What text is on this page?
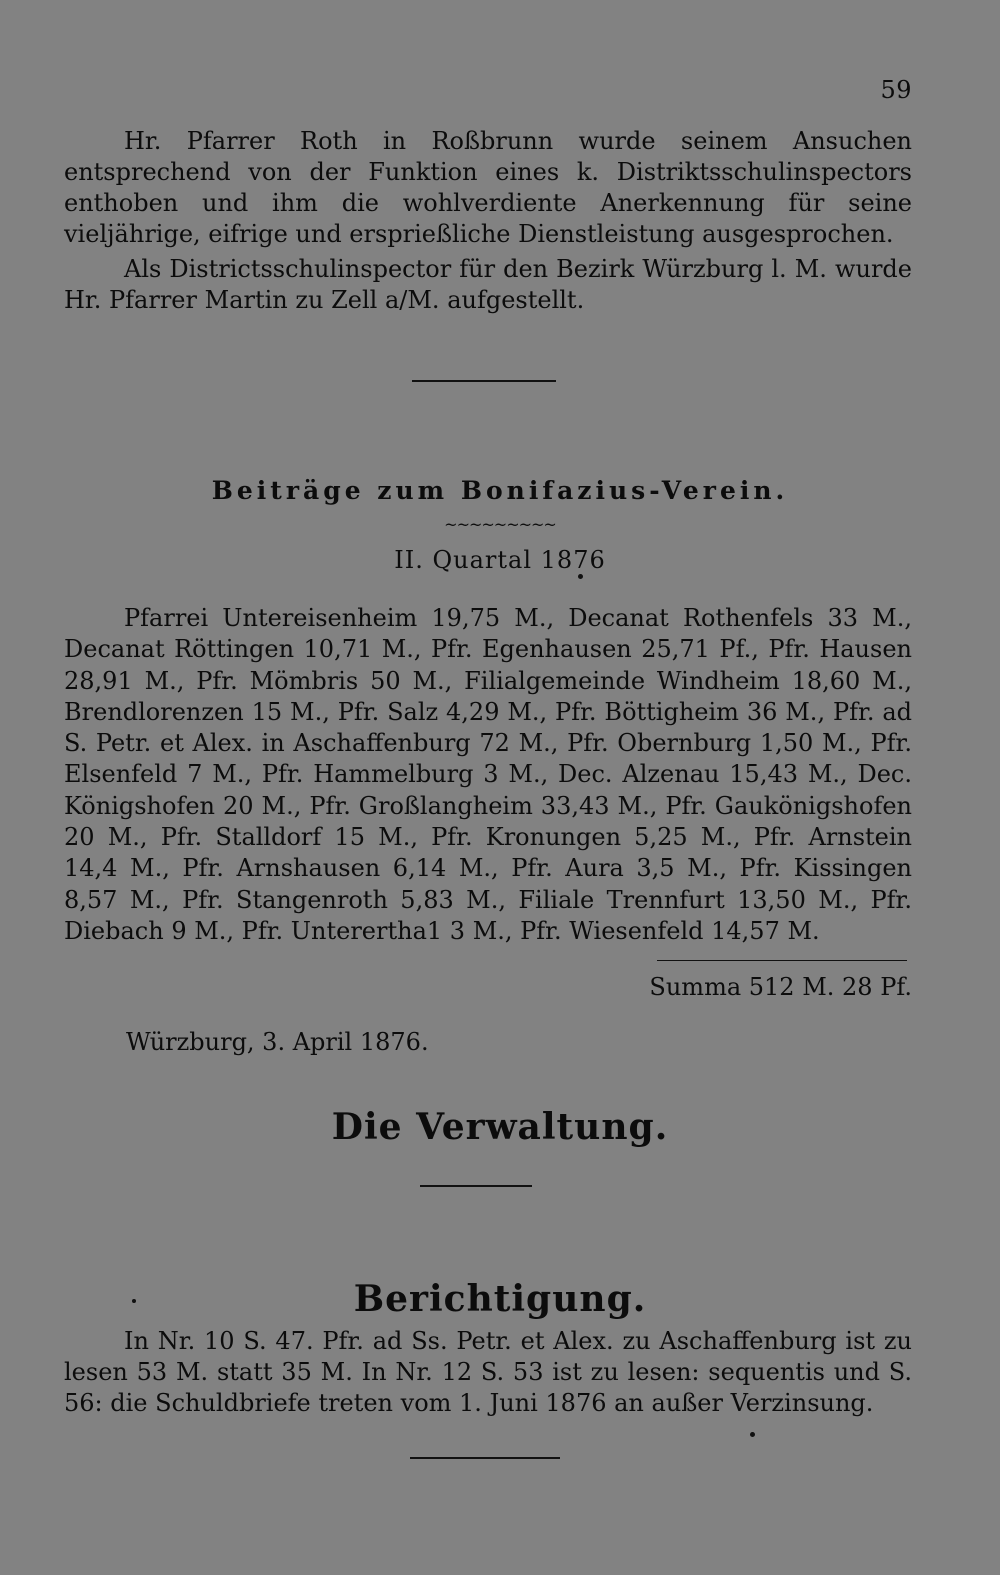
59
Hr. Pfarrer Roth in Roßbrunn wurde seinem Ansuchen entsprechend von der Funktion eines k. Distriktsschulinspectors enthoben und ihm die wohlverdiente Anerkennung für seine vieljährige, eifrige und ersprießliche Dienstleistung ausgesprochen.
Als Districtsschulinspector für den Bezirk Würzburg l. M. wurde Hr. Pfarrer Martin zu Zell a/M. aufgestellt.
Beiträge zum Bonifazius-Verein.
~~~~~~~~~
II. Quartal 1876
Pfarrei Untereisenheim 19,75 M., Decanat Rothenfels 33 M., Decanat Röttingen 10,71 M., Pfr. Egenhausen 25,71 Pf., Pfr. Hausen 28,91 M., Pfr. Mömbris 50 M., Filialgemeinde Windheim 18,60 M., Brendlorenzen 15 M., Pfr. Salz 4,29 M., Pfr. Böttigheim 36 M., Pfr. ad S. Petr. et Alex. in Aschaffenburg 72 M., Pfr. Obernburg 1,50 M., Pfr. Elsenfeld 7 M., Pfr. Hammelburg 3 M., Dec. Alzenau 15,43 M., Dec. Königshofen 20 M., Pfr. Großlangheim 33,43 M., Pfr. Gaukönigshofen 20 M., Pfr. Stalldorf 15 M., Pfr. Kronungen 5,25 M., Pfr. Arnstein 14,4 M., Pfr. Arnshausen 6,14 M., Pfr. Aura 3,5 M., Pfr. Kissingen 8,57 M., Pfr. Stangenroth 5,83 M., Filiale Trennfurt 13,50 M., Pfr. Diebach 9 M., Pfr. Unterertha1 3 M., Pfr. Wiesenfeld 14,57 M.
Summa 512 M. 28 Pf.
Würzburg, 3. April 1876.
Die Verwaltung.
Berichtigung.
In Nr. 10 S. 47. Pfr. ad Ss. Petr. et Alex. zu Aschaffenburg ist zu lesen 53 M. statt 35 M. In Nr. 12 S. 53 ist zu lesen: sequentis und S. 56: die Schuldbriefe treten vom 1. Juni 1876 an außer Verzinsung.
